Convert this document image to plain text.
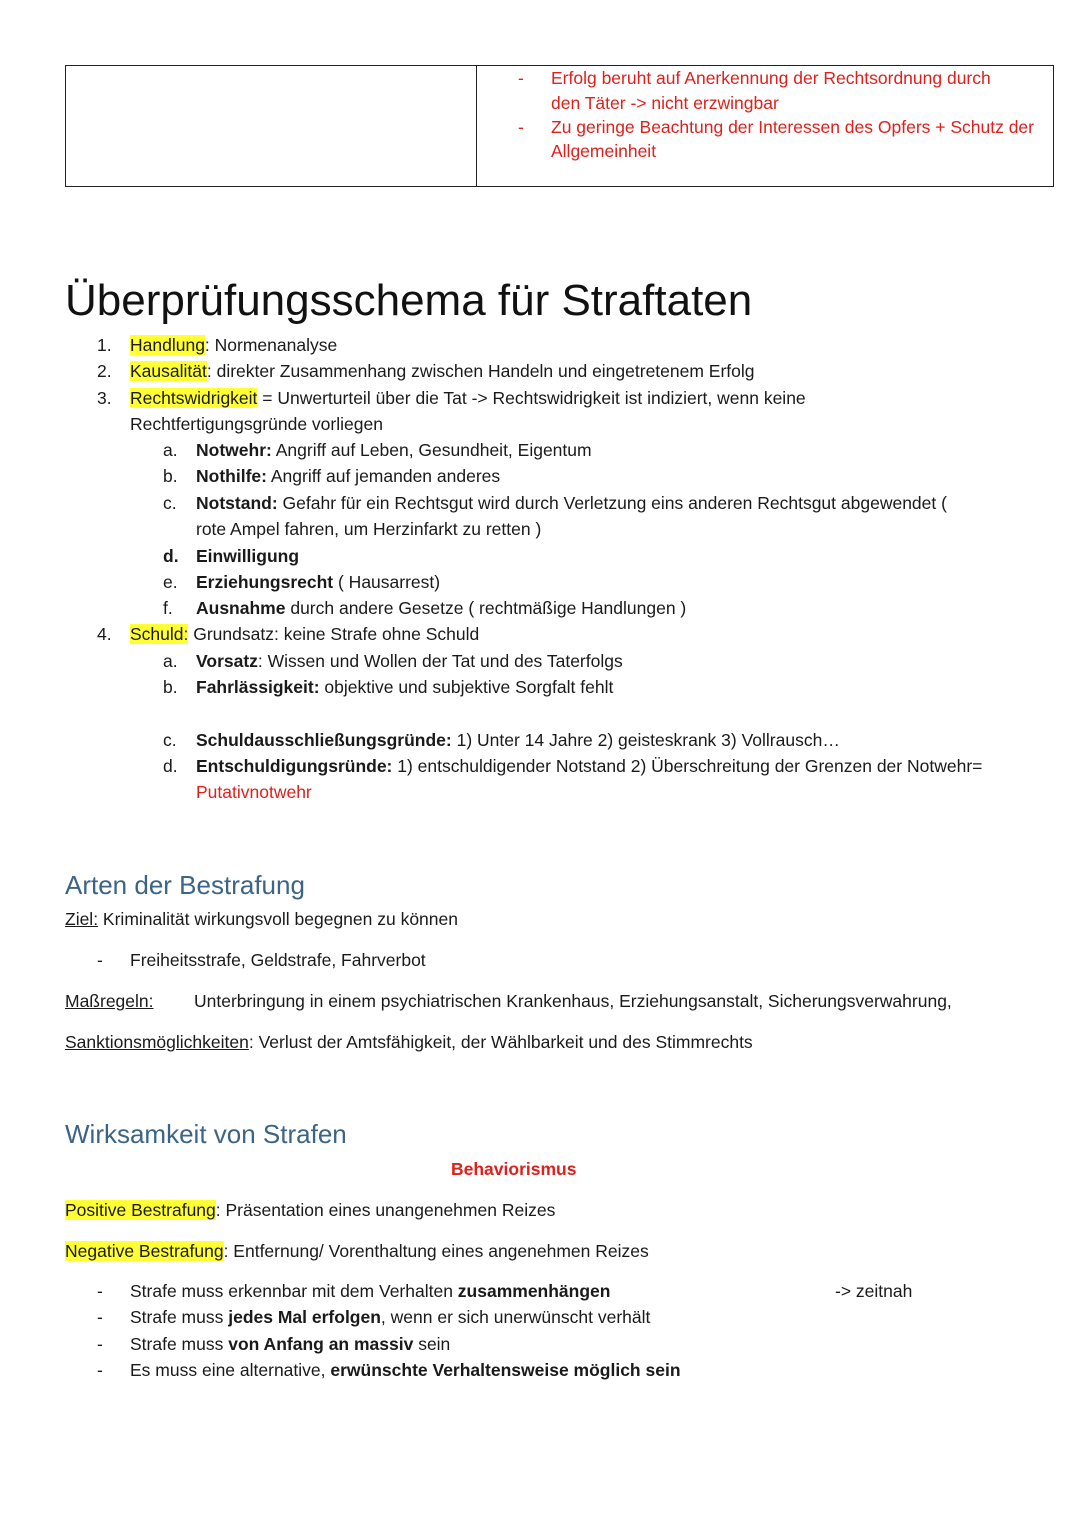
- Erfolg beruht auf Anerkennung der Rechtsordnung durch
den Täter -> nicht erzwingbar
- Zu geringe Beachtung der Interessen des Opfers + Schutz der
Allgemeinheit
Überprüfungsschema für Straftaten
1. Handlung: Normenanalyse
2. Kausalität: direkter Zusammenhang zwischen Handeln und eingetretenem Erfolg
3. Rechtswidrigkeit = Unwerturteil über die Tat -> Rechtswidrigkeit ist indiziert, wenn keine
Rechtfertigungsgründe vorliegen
a. Notwehr: Angriff auf Leben, Gesundheit, Eigentum
b. Nothilfe: Angriff auf jemanden anderes
c. Notstand: Gefahr für ein Rechtsgut wird durch Verletzung eins anderen Rechtsgut abgewendet (
rote Ampel fahren, um Herzinfarkt zu retten )
d. Einwilligung
e. Erziehungsrecht ( Hausarrest)
f. Ausnahme durch andere Gesetze ( rechtmäßige Handlungen )
4. Schuld: Grundsatz: keine Strafe ohne Schuld
a. Vorsatz: Wissen und Wollen der Tat und des Taterfolgs
b. Fahrlässigkeit: objektive und subjektive Sorgfalt fehlt
c. Schuldausschließungsgründe: 1) Unter 14 Jahre 2) geisteskrank 3) Vollrausch…
d. Entschuldigungsründe: 1) entschuldigender Notstand 2) Überschreitung der Grenzen der Notwehr=
Putativnotwehr
Arten der Bestrafung
Ziel: Kriminalität wirkungsvoll begegnen zu können
- Freiheitsstrafe, Geldstrafe, Fahrverbot
Maßregeln: Unterbringung in einem psychiatrischen Krankenhaus, Erziehungsanstalt, Sicherungsverwahrung,
Sanktionsmöglichkeiten: Verlust der Amtsfähigkeit, der Wählbarkeit und des Stimmrechts
Wirksamkeit von Strafen
Behaviorismus
Positive Bestrafung: Präsentation eines unangenehmen Reizes
Negative Bestrafung: Entfernung/ Vorenthaltung eines angenehmen Reizes
- Strafe muss erkennbar mit dem Verhalten zusammenhängen	-> zeitnah
- Strafe muss jedes Mal erfolgen, wenn er sich unerwünscht verhält
- Strafe muss von Anfang an massiv sein
- Es muss eine alternative, erwünschte Verhaltensweise möglich sein
